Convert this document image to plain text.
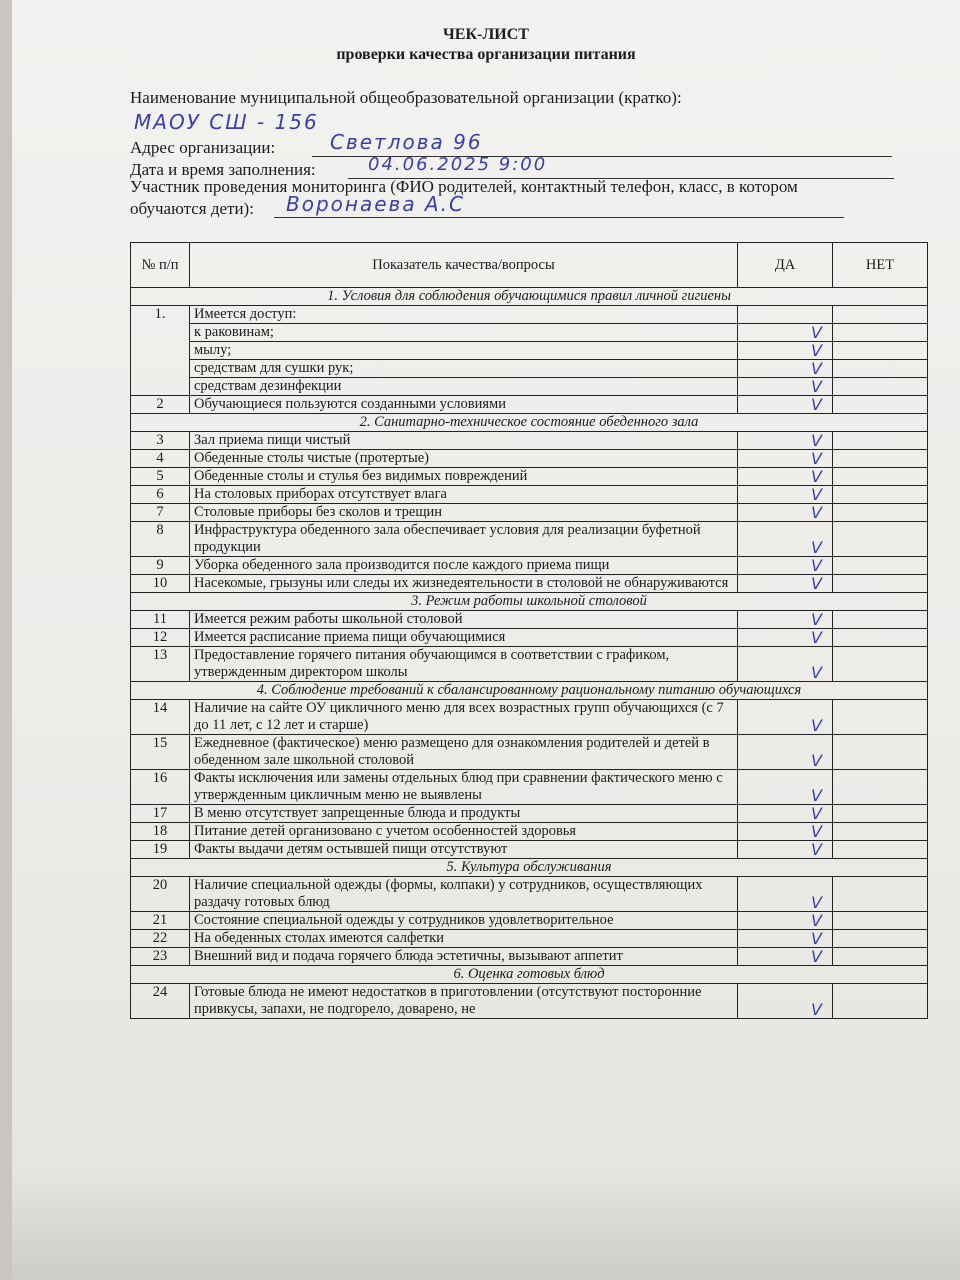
ЧЕК-ЛИСТ
проверки качества организации питания
Наименование муниципальной общеобразовательной организации (кратко):
МАОУ СШ - 156
Адрес организации:	Светлова 96
Дата и время заполнения:	04.06.2025 9:00
Участник проведения мониторинга (ФИО родителей, контактный телефон, класс, в котором
обучаются дети): Воронаева А.С
№ п/п	Показатель качества/вопросы	ДА	НЕТ
1. Условия для соблюдения обучающимися правил личной гигиены			
1.	Имеется доступ:		
	к раковинам;	V	
	мылу;	V	
	средствам для сушки рук;	V	
	средствам дезинфекции	V	
2	Обучающиеся пользуются созданными условиями	V	
2. Санитарно-техническое состояние обеденного зала			
3	Зал приема пищи чистый	V	
4	Обеденные столы чистые (протертые)	V	
5	Обеденные столы и стулья без видимых повреждений	V	
6	На столовых приборах отсутствует влага	V	
7	Столовые приборы без сколов и трещин	V	
8	Инфраструктура обеденного зала обеспечивает условия для реализации буфетной продукции	V	
9	Уборка обеденного зала производится после каждого приема пищи	V	
10	Насекомые, грызуны или следы их жизнедеятельности в столовой не обнаруживаются	V	
3. Режим работы школьной столовой			
11	Имеется режим работы школьной столовой	V	
12	Имеется расписание приема пищи обучающимися	V	
13	Предоставление горячего питания обучающимся в соответствии с графиком, утвержденным директором школы	V	
4. Соблюдение требований к сбалансированному рациональному питанию обучающихся			
14	Наличие на сайте ОУ цикличного меню для всех возрастных групп обучающихся (с 7 до 11 лет, с 12 лет и старше)	V	
15	Ежедневное (фактическое) меню размещено для ознакомления родителей и детей в обеденном зале школьной столовой	V	
16	Факты исключения или замены отдельных блюд при сравнении фактического меню с утвержденным цикличным меню не выявлены	V	
17	В меню отсутствует запрещенные блюда и продукты	V	
18	Питание детей организовано с учетом особенностей здоровья	V	
19	Факты выдачи детям остывшей пищи отсутствуют	V	
5. Культура обслуживания			
20	Наличие специальной одежды (формы, колпаки) у сотрудников, осуществляющих раздачу готовых блюд	V	
21	Состояние специальной одежды у сотрудников удовлетворительное	V	
22	На обеденных столах имеются салфетки	V	
23	Внешний вид и подача горячего блюда эстетичны, вызывают аппетит	V	
6. Оценка готовых блюд			
24	Готовые блюда не имеют недостатков в приготовлении (отсутствуют посторонние привкусы, запахи, не подгорело, доварено, не	V	
